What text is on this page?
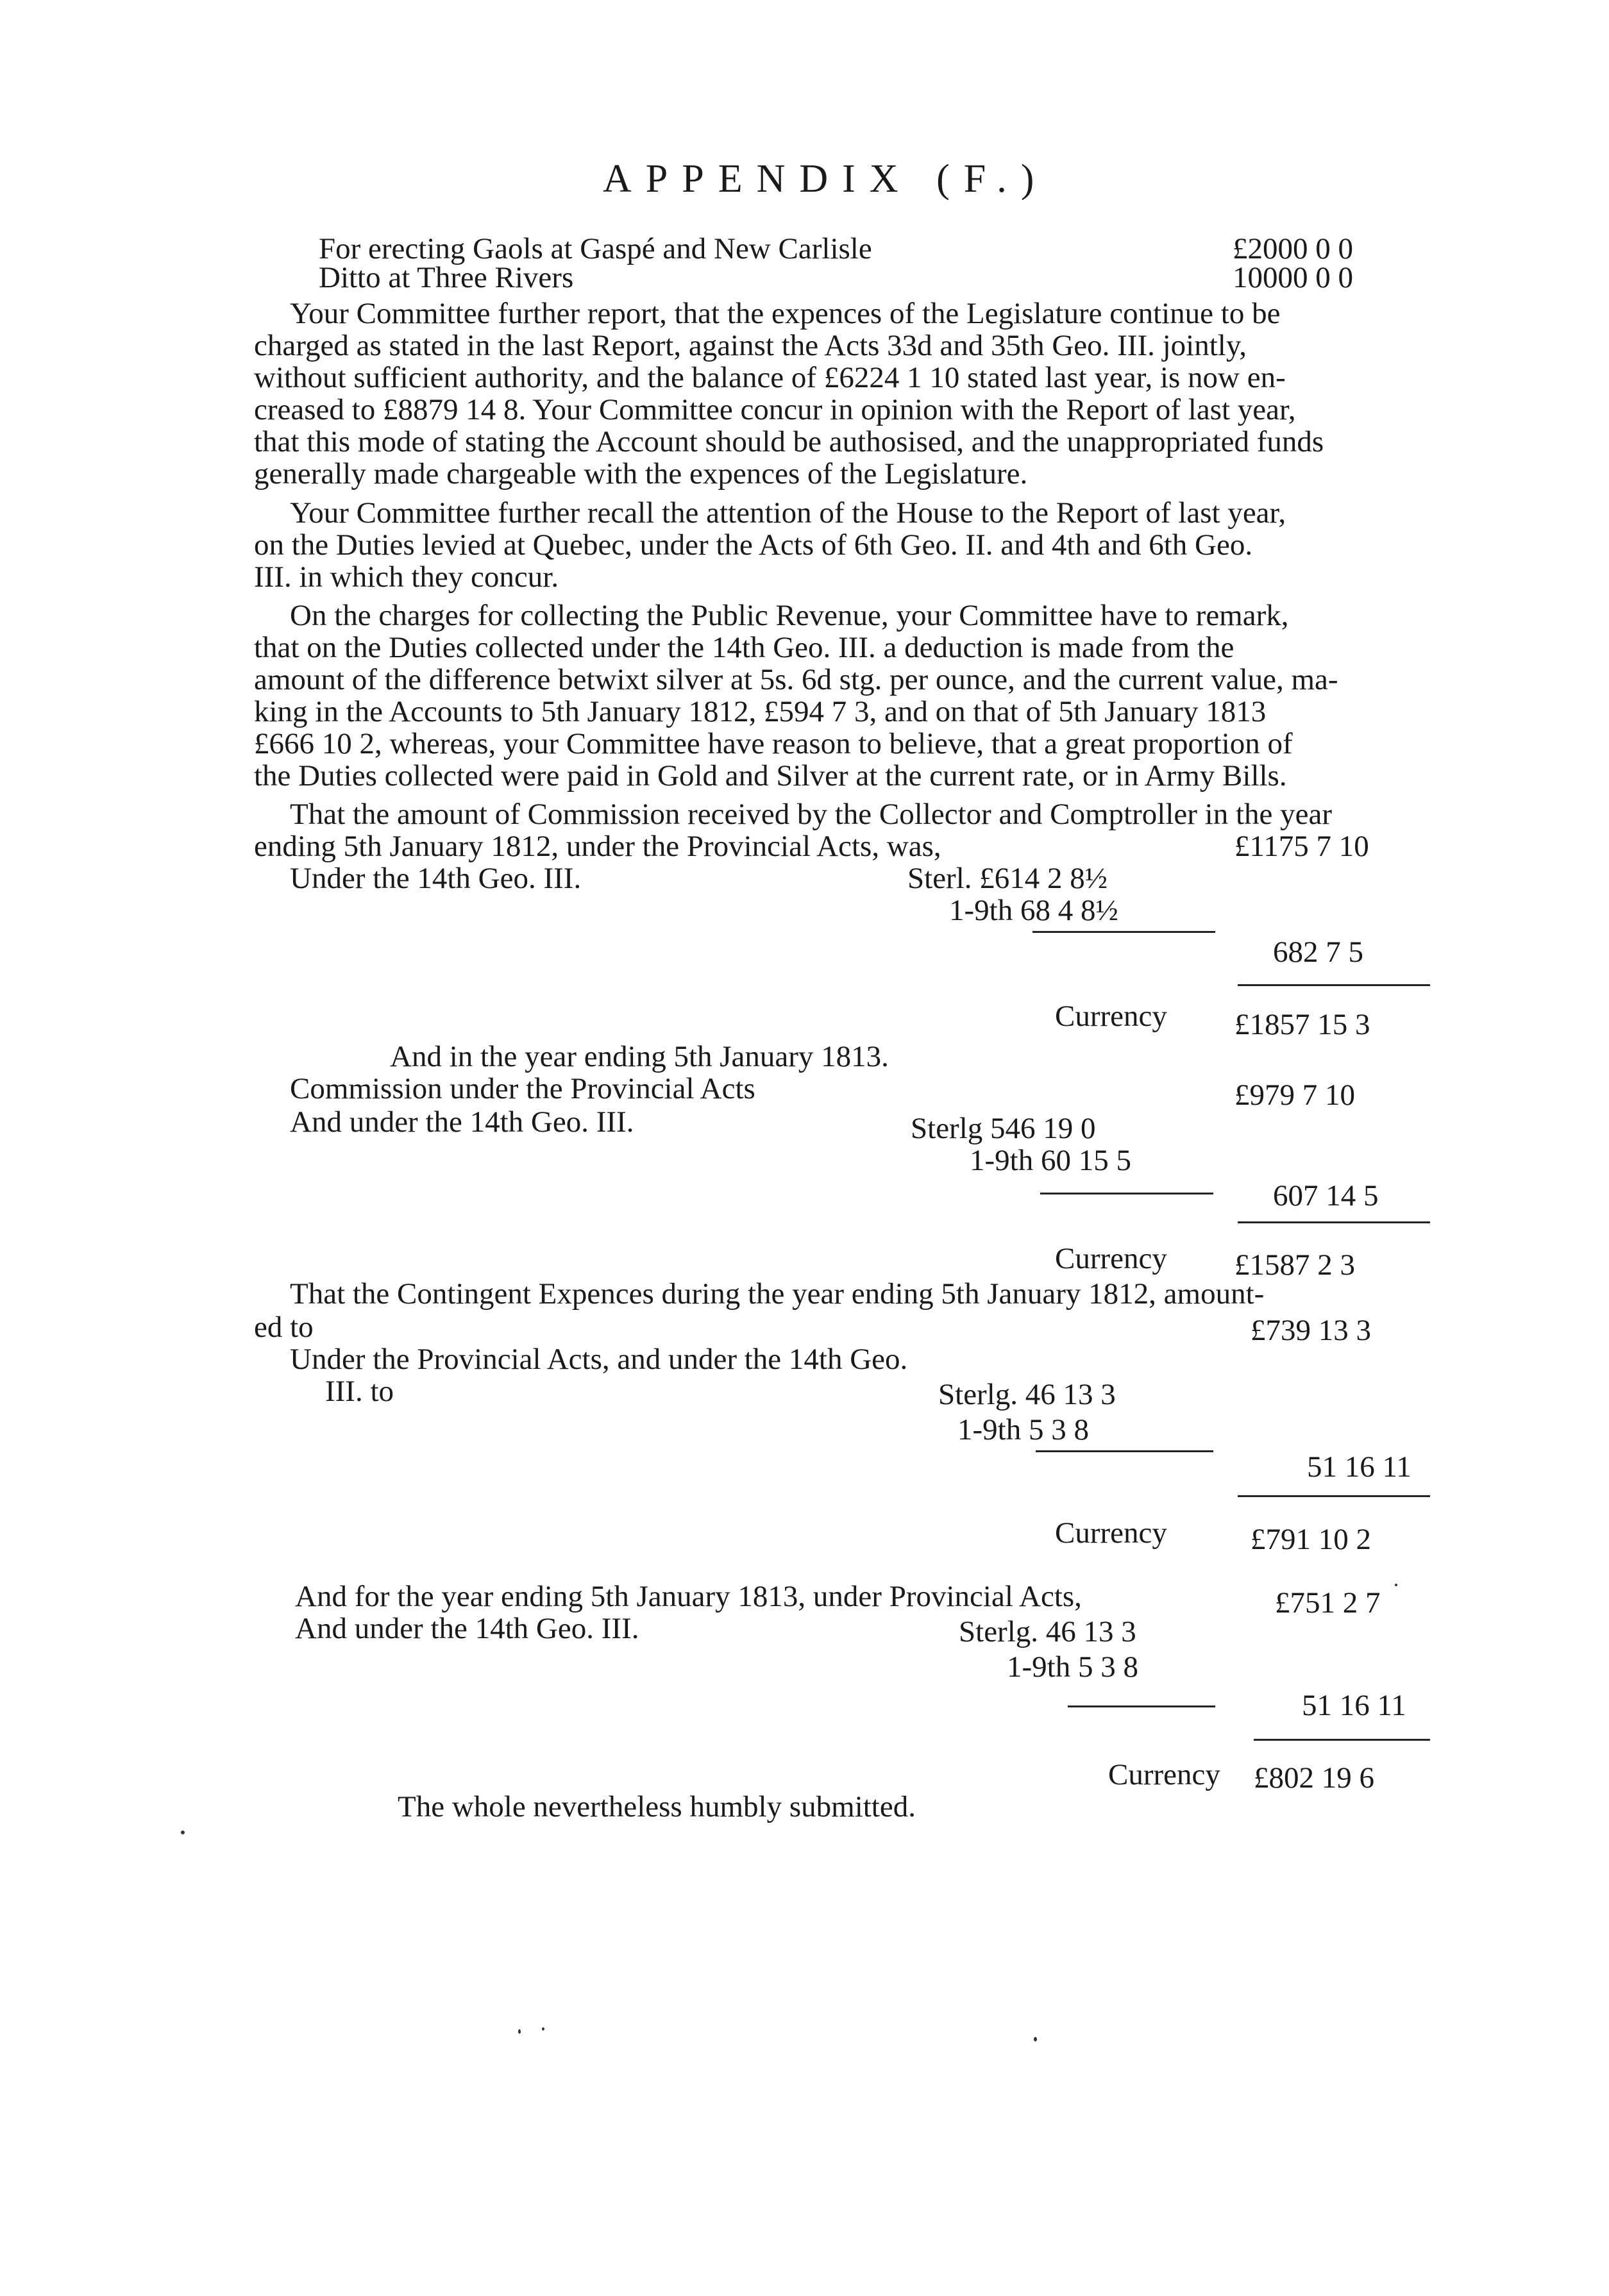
APPENDIX (F.)
For erecting Gaols at Gaspé and New Carlisle	£2000 0 0
Ditto at Three Rivers	10000 0 0
Your Committee further report, that the expences of the Legislature continue to be
charged as stated in the last Report, against the Acts 33d and 35th Geo. III. jointly,
without sufficient authority, and the balance of £6224 1 10 stated last year, is now en-
creased to £8879 14 8. Your Committee concur in opinion with the Report of last year,
that this mode of stating the Account should be authosised, and the unappropriated funds
generally made chargeable with the expences of the Legislature.
Your Committee further recall the attention of the House to the Report of last year,
on the Duties levied at Quebec, under the Acts of 6th Geo. II. and 4th and 6th Geo.
III. in which they concur.
On the charges for collecting the Public Revenue, your Committee have to remark,
that on the Duties collected under the 14th Geo. III. a deduction is made from the
amount of the difference betwixt silver at 5s. 6d stg. per ounce, and the current value, ma-
king in the Accounts to 5th January 1812, £594 7 3, and on that of 5th January 1813
£666 10 2, whereas, your Committee have reason to believe, that a great proportion of
the Duties collected were paid in Gold and Silver at the current rate, or in Army Bills.
That the amount of Commission received by the Collector and Comptroller in the year
ending 5th January 1812, under the Provincial Acts, was,	£1175 7 10
Under the 14th Geo. III.	Sterl. £614 2 8½
1-9th 68 4 8½
682 7 5
Currency £1857 15 3
And in the year ending 5th January 1813.
Commission under the Provincial Acts	£979 7 10
And under the 14th Geo. III.	Sterlg 546 19 0
1-9th 60 15 5
607 14 5
Currency £1587 2 3
That the Contingent Expences during the year ending 5th January 1812, amount-
ed to	£739 13 3
Under the Provincial Acts, and under the 14th Geo.
III. to	Sterlg. 46 13 3
1-9th 5 3 8
51 16 11
Currency	£791 10 2
And for the year ending 5th January 1813, under Provincial Acts,	£751 2 7
And under the 14th Geo. III.	Sterlg. 46 13 3
1-9th 5 3 8
51 16 11
Currency £802 19 6
The whole nevertheless humbly submitted.
